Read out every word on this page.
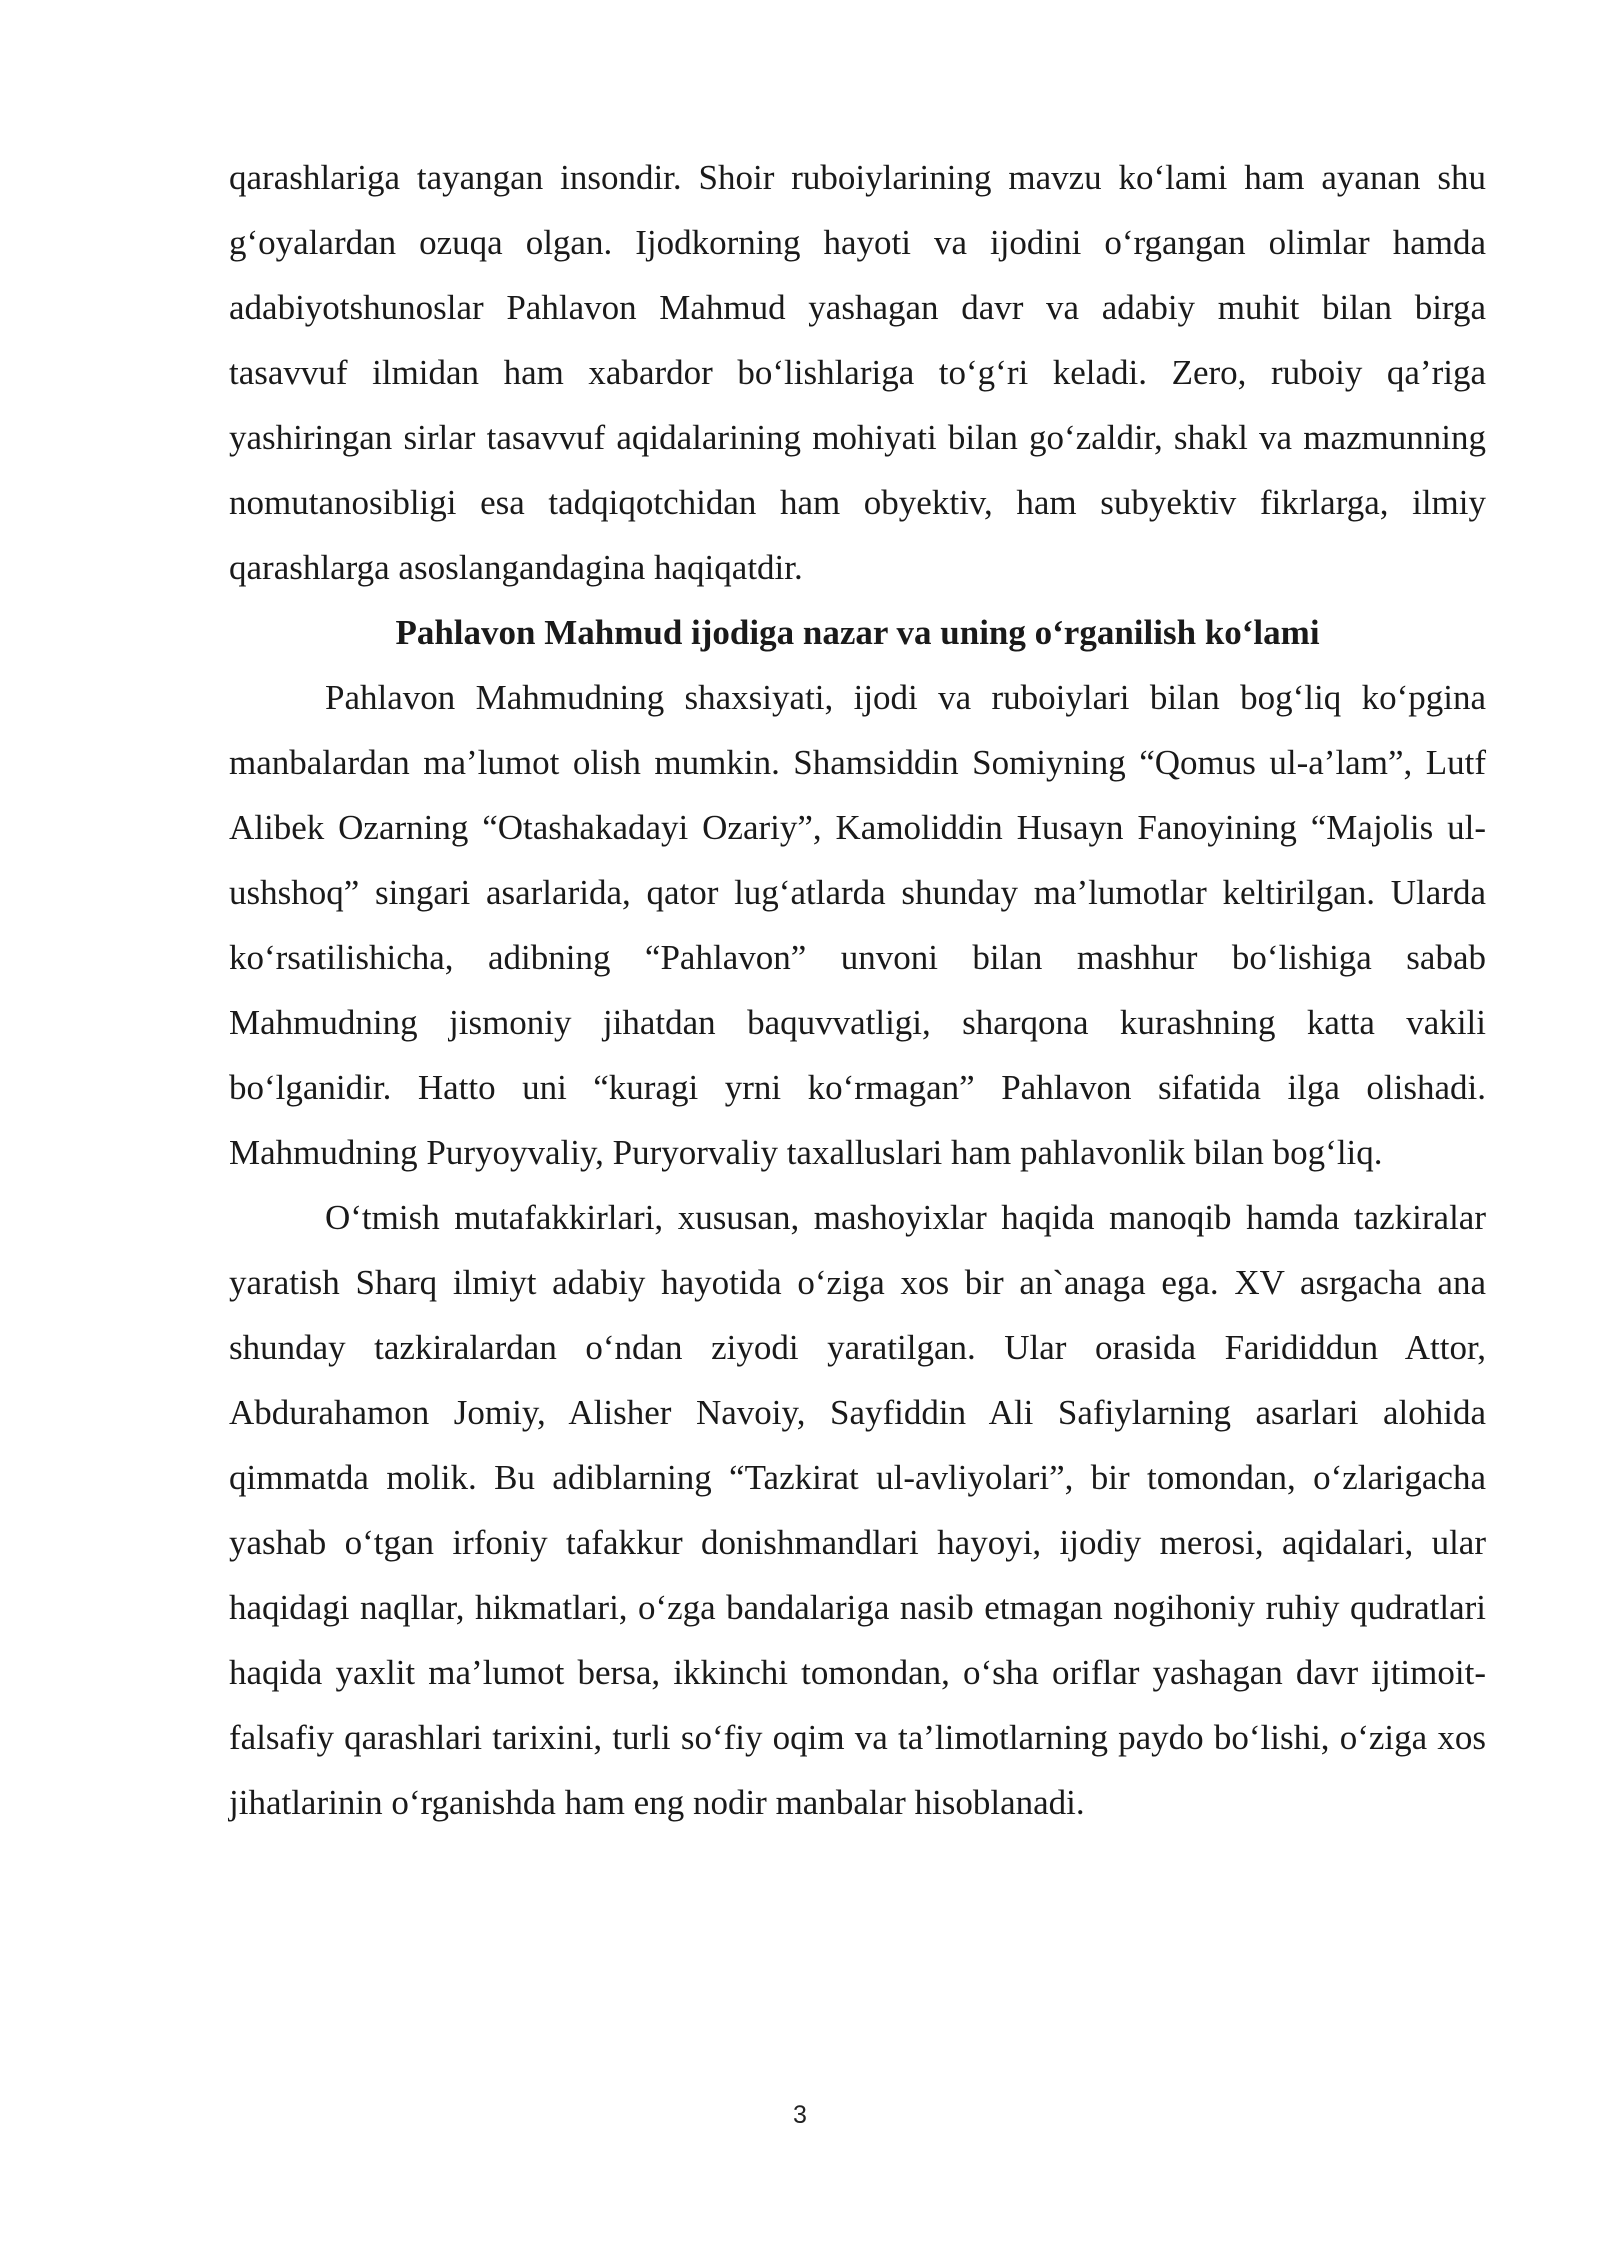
qarashlariga tayangan insondir. Shoir ruboiylarining mavzu ko‘lami ham ayanan shu g‘oyalardan ozuqa olgan. Ijodkorning hayoti va ijodini o‘rgangan olimlar hamda adabiyotshunoslar Pahlavon Mahmud yashagan davr va adabiy muhit bilan birga tasavvuf ilmidan ham xabardor bo‘lishlariga to‘g‘ri keladi. Zero, ruboiy qa’riga yashiringan sirlar tasavvuf aqidalarining mohiyati bilan go‘zaldir, shakl va mazmunning nomutanosibligi esa tadqiqotchidan ham obyektiv, ham subyektiv fikrlarga, ilmiy qarashlarga asoslangandagina haqiqatdir.

Pahlavon Mahmud ijodiga nazar va uning o‘rganilish ko‘lami

Pahlavon Mahmudning shaxsiyati, ijodi va ruboiylari bilan bog‘liq ko‘pgina manbalardan ma’lumot olish mumkin. Shamsiddin Somiyning “Qomus ul-a’lam”, Lutf Alibek Ozarning “Otashakadayi Ozariy”, Kamoliddin Husayn Fanoyining “Majolis ul-ushshoq” singari asarlarida, qator lug‘atlarda shunday ma’lumotlar keltirilgan. Ularda ko‘rsatilishicha, adibning “Pahlavon” unvoni bilan mashhur bo‘lishiga sabab Mahmudning jismoniy jihatdan baquvvatligi, sharqona kurashning katta vakili bo‘lganidir. Hatto uni “kuragi yrni ko‘rmagan” Pahlavon sifatida ilga olishadi. Mahmudning Puryoyvaliy, Puryorvaliy taxalluslari ham pahlavonlik bilan bog‘liq.

O‘tmish mutafakkirlari, xususan, mashoyixlar haqida manoqib hamda tazkiralar yaratish Sharq ilmiyt adabiy hayotida o‘ziga xos bir an`anaga ega. XV asrgacha ana shunday tazkiralardan o‘ndan ziyodi yaratilgan. Ular orasida Farididdun Attor, Abdurahamon Jomiy, Alisher Navoiy, Sayfiddin Ali Safiylarning asarlari alohida qimmatda molik. Bu adiblarning “Tazkirat ul-avliyolari”, bir tomondan, o‘zlarigacha yashab o‘tgan irfoniy tafakkur donishmandlari hayoyi, ijodiy merosi, aqidalari, ular haqidagi naqllar, hikmatlari, o‘zga bandalariga nasib etmagan nogihoniy ruhiy qudratlari haqida yaxlit ma’lumot bersa, ikkinchi tomondan, o‘sha oriflar yashagan davr ijtimoit-falsafiy qarashlari tarixini, turli so‘fiy oqim va ta’limotlarning paydo bo‘lishi, o‘ziga xos jihatlarinin o‘rganishda ham eng nodir manbalar hisoblanadi.

3
